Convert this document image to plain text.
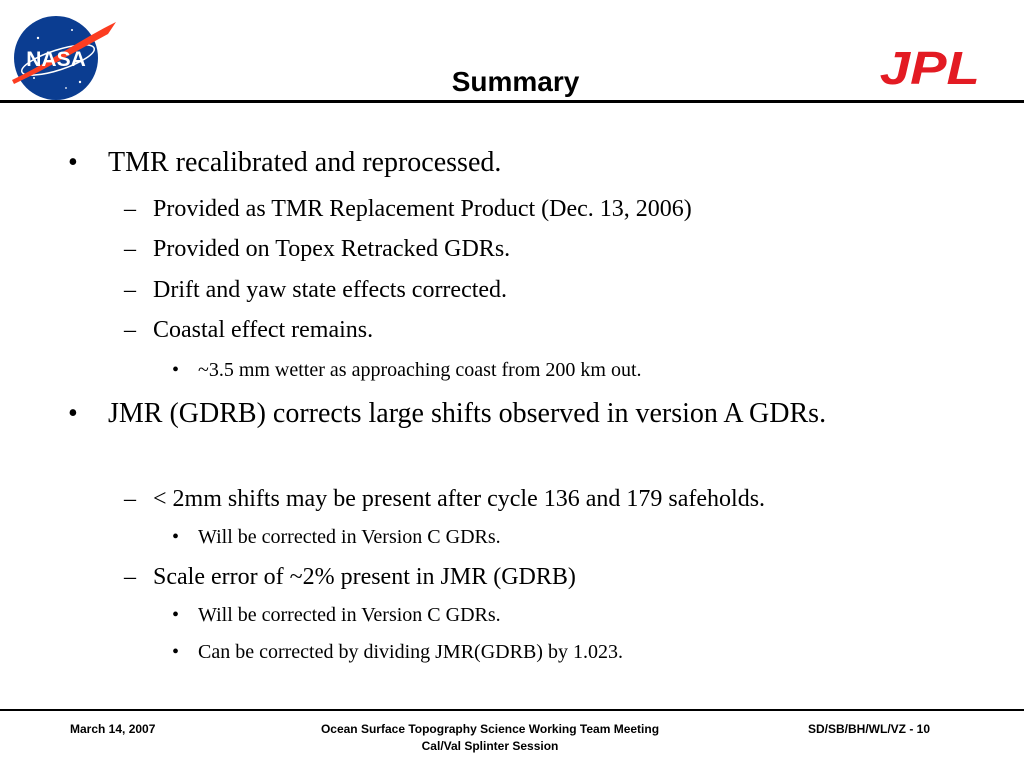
NASA
Summary	JPL
• TMR recalibrated and reprocessed.
– Provided as TMR Replacement Product (Dec. 13, 2006)
– Provided on Topex Retracked GDRs.
– Drift and yaw state effects corrected.
– Coastal effect remains.
• ~3.5 mm wetter as approaching coast from 200 km out.
• JMR (GDRB) corrects large shifts observed in version A GDRs.
– < 2mm shifts may be present after cycle 136 and 179 safeholds.
• Will be corrected in Version C GDRs.
– Scale error of ~2% present in JMR (GDRB)
• Will be corrected in Version C GDRs.
• Can be corrected by dividing JMR(GDRB) by 1.023.
March 14, 2007	Ocean Surface Topography Science Working Team Meeting
Cal/Val Splinter Session
SD/SB/BH/WL/VZ - 10
